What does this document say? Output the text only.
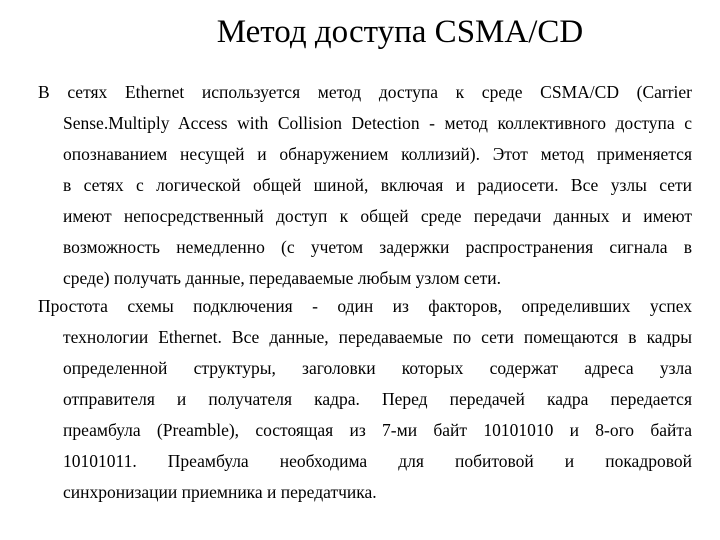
Метод доступа CSMA/CD
В сетях Ethernet используется метод доступа к среде CSMA/CD (Carrier
Sense.Multiply Access with Collision Detection - метод коллективного доступа с
опознаванием несущей и обнаружением коллизий). Этот метод применяется
в сетях с логической общей шиной, включая и радиосети. Все узлы сети
имеют непосредственный доступ к общей среде передачи данных и имеют
возможность немедленно (с учетом задержки распространения сигнала в
среде) получать данные, передаваемые любым узлом сети.
Простота схемы подключения - один из факторов, определивших успех
технологии Ethernet. Все данные, передаваемые по сети помещаются в кадры
определенной структуры, заголовки которых содержат адреса узла
отправителя и получателя кадра. Перед передачей кадра передается
преамбула (Preamble), состоящая из 7-ми байт 10101010 и 8-ого байта
10101011. Преамбула необходима для побитовой и покадровой
синхронизации приемника и передатчика.
